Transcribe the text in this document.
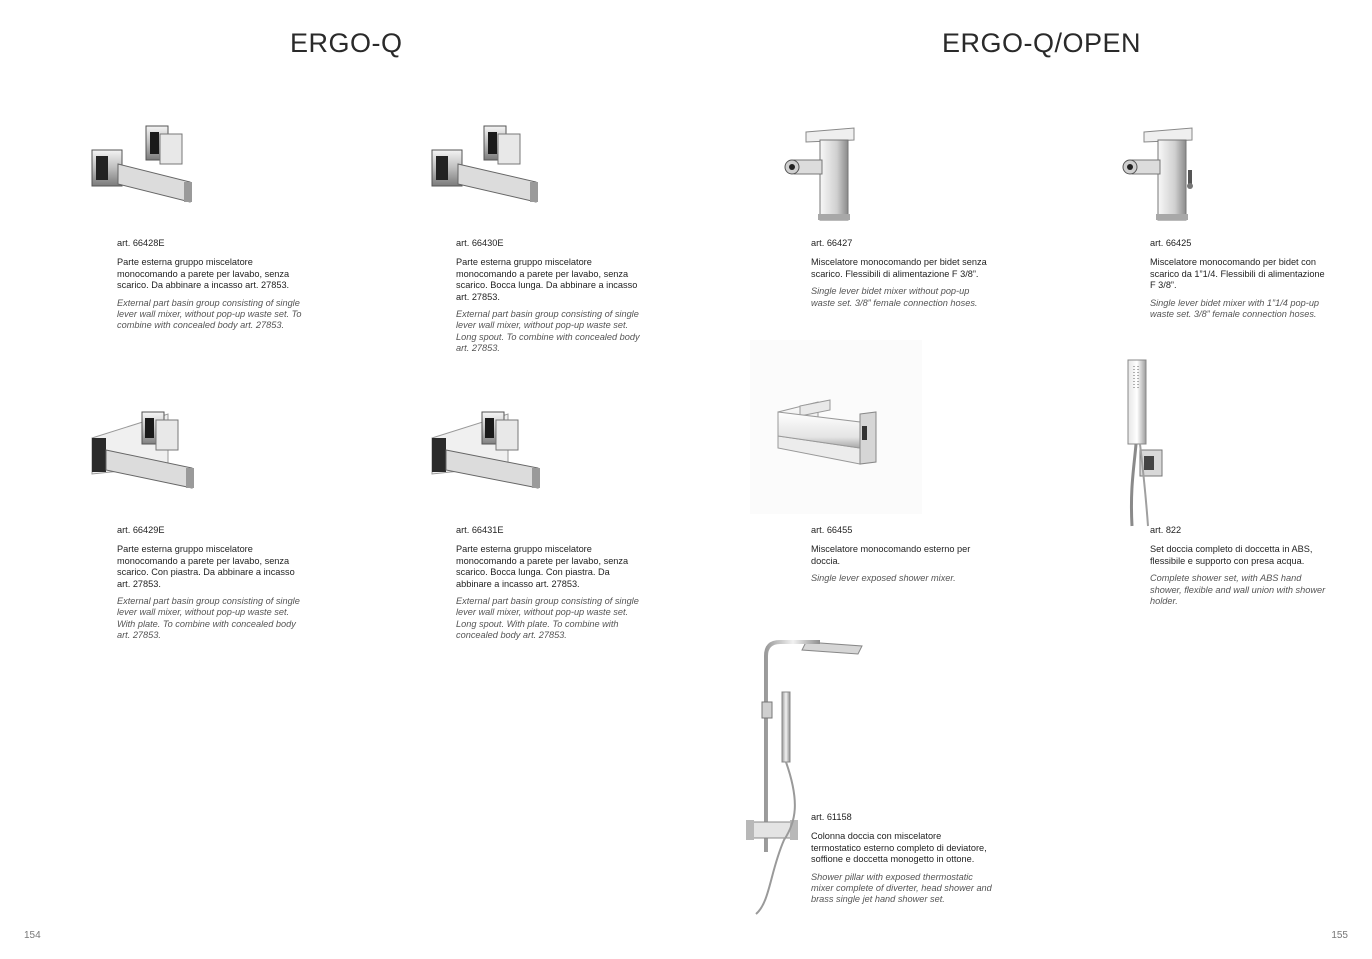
ERGO-Q

art. 66428E

Parte esterna gruppo miscelatore monocomando a parete per lavabo, senza scarico. Da abbinare a incasso art. 27853.

External part basin group consisting of single lever wall mixer, without pop-up waste set. To combine with concealed body art. 27853.

art. 66430E

Parte esterna gruppo miscelatore monocomando a parete per lavabo, senza scarico. Bocca lunga. Da abbinare a incasso art. 27853.

External part basin group consisting of single lever wall mixer, without pop-up waste set. Long spout. To combine with concealed body art. 27853.

art. 66429E

Parte esterna gruppo miscelatore monocomando a parete per lavabo, senza scarico. Con piastra. Da abbinare a incasso art. 27853.

External part basin group consisting of single lever wall mixer, without pop-up waste set. With plate. To combine with concealed body art. 27853.

art. 66431E

Parte esterna gruppo miscelatore monocomando a parete per lavabo, senza scarico. Bocca lunga. Con piastra. Da abbinare a incasso art. 27853.

External part basin group consisting of single lever wall mixer, without pop-up waste set. Long spout. With plate. To combine with concealed body art. 27853.

154
ERGO-Q/OPEN

art. 66427

Miscelatore monocomando per bidet senza scarico. Flessibili di alimentazione F 3/8”.

Single lever bidet mixer without pop-up waste set. 3/8” female connection hoses.

art. 66425

Miscelatore monocomando per bidet con scarico da 1”1/4. Flessibili di alimentazione F 3/8”.

Single lever bidet mixer with 1”1/4 pop-up waste set. 3/8” female connection hoses.

art. 66455

Miscelatore monocomando esterno per doccia.

Single lever exposed shower mixer.

art. 822

Set doccia completo di doccetta in ABS, flessibile e supporto con presa acqua.

Complete shower set, with ABS hand shower, flexible and wall union with shower holder.

art. 61158

Colonna doccia con miscelatore termostatico esterno completo di deviatore, soffione e doccetta monogetto in ottone.

Shower pillar with exposed thermostatic mixer complete of diverter, head shower and brass single jet hand shower set.

155
